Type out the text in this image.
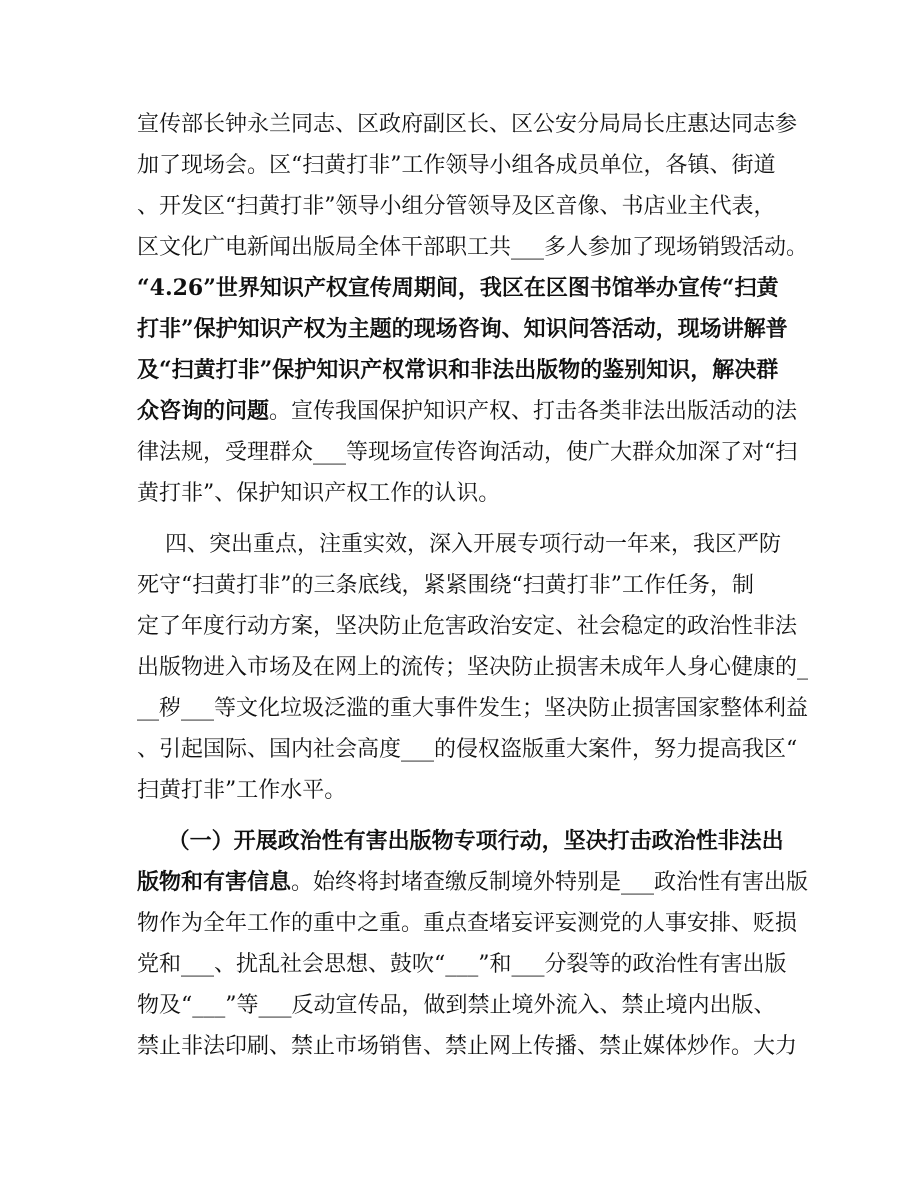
宣传部长钟永兰同志、区政府副区长、区公安分局局长庄惠达同志参
加了现场会。区“扫黄打非”工作领导小组各成员单位，各镇、街道
、开发区“扫黄打非”领导小组分管领导及区音像、书店业主代表，
区文化广电新闻出版局全体干部职工共___多人参加了现场销毁活动。
“4.26”世界知识产权宣传周期间，我区在区图书馆举办宣传“扫黄
打非”保护知识产权为主题的现场咨询、知识问答活动，现场讲解普
及“扫黄打非”保护知识产权常识和非法出版物的鉴别知识，解决群
众咨询的问题。宣传我国保护知识产权、打击各类非法出版活动的法
律法规，受理群众___等现场宣传咨询活动，使广大群众加深了对“扫
黄打非”、保护知识产权工作的认识。
四、突出重点，注重实效，深入开展专项行动一年来，我区严防
死守“扫黄打非”的三条底线，紧紧围绕“扫黄打非”工作任务，制
定了年度行动方案，坚决防止危害政治安定、社会稳定的政治性非法
出版物进入市场及在网上的流传；坚决防止损害未成年人身心健康的_
__秽___等文化垃圾泛滥的重大事件发生；坚决防止损害国家整体利益
、引起国际、国内社会高度___的侵权盗版重大案件，努力提高我区“
扫黄打非”工作水平。
（一）开展政治性有害出版物专项行动，坚决打击政治性非法出
版物和有害信息。始终将封堵查缴反制境外特别是___政治性有害出版
物作为全年工作的重中之重。重点查堵妄评妄测党的人事安排、贬损
党和___、扰乱社会思想、鼓吹“___”和___分裂等的政治性有害出版
物及“___”等___反动宣传品，做到禁止境外流入、禁止境内出版、
禁止非法印刷、禁止市场销售、禁止网上传播、禁止媒体炒作。大力
